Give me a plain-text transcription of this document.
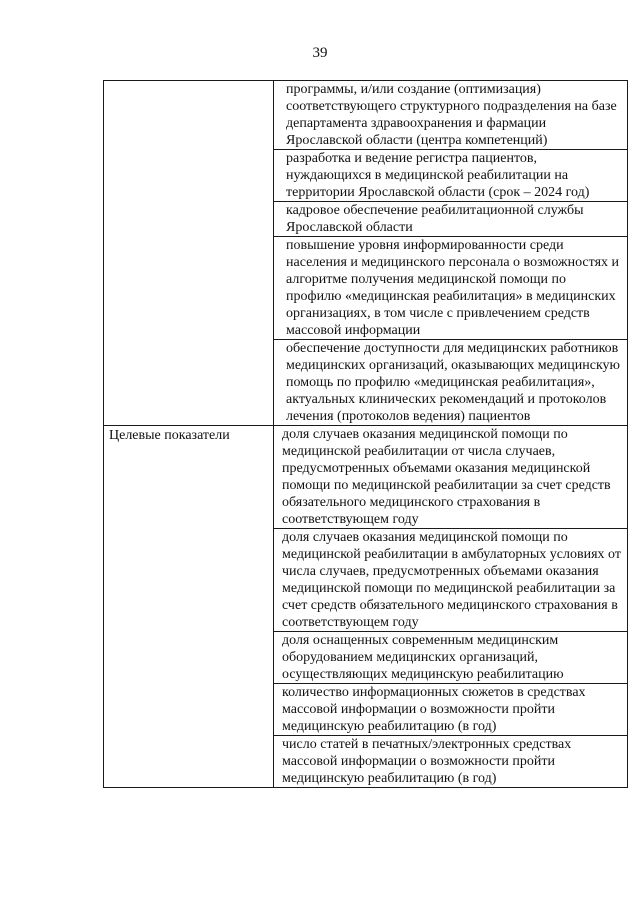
39
	программы, и/или создание (оптимизация) соответствующего структурного подразделения на базе департамента здравоохранения и фармации Ярославской области (центра компетенций)
	разработка и ведение регистра пациентов, нуждающихся в медицинской реабилитации на территории Ярославской области (срок – 2024 год)
	кадровое обеспечение реабилитационной службы Ярославской области
	повышение уровня информированности среди населения и медицинского персонала о возможностях и алгоритме получения медицинской помощи по профилю «медицинская реабилитация» в медицинских организациях, в том числе с привлечением средств массовой информации
	обеспечение доступности для медицинских работников медицинских организаций, оказывающих медицинскую помощь по профилю «медицинская реабилитация», актуальных клинических рекомендаций и протоколов лечения (протоколов ведения) пациентов
Целевые показатели	доля случаев оказания медицинской помощи по медицинской реабилитации от числа случаев, предусмотренных объемами оказания медицинской помощи по медицинской реабилитации за счет средств обязательного медицинского страхования в соответствующем году
	доля случаев оказания медицинской помощи по медицинской реабилитации в амбулаторных условиях от числа случаев, предусмотренных объемами оказания медицинской помощи по медицинской реабилитации за счет средств обязательного медицинского страхования в соответствующем году
	доля оснащенных современным медицинским оборудованием медицинских организаций, осуществляющих медицинскую реабилитацию
	количество информационных сюжетов в средствах массовой информации о возможности пройти медицинскую реабилитацию (в год)
	число статей в печатных/электронных средствах массовой информации о возможности пройти медицинскую реабилитацию (в год)
